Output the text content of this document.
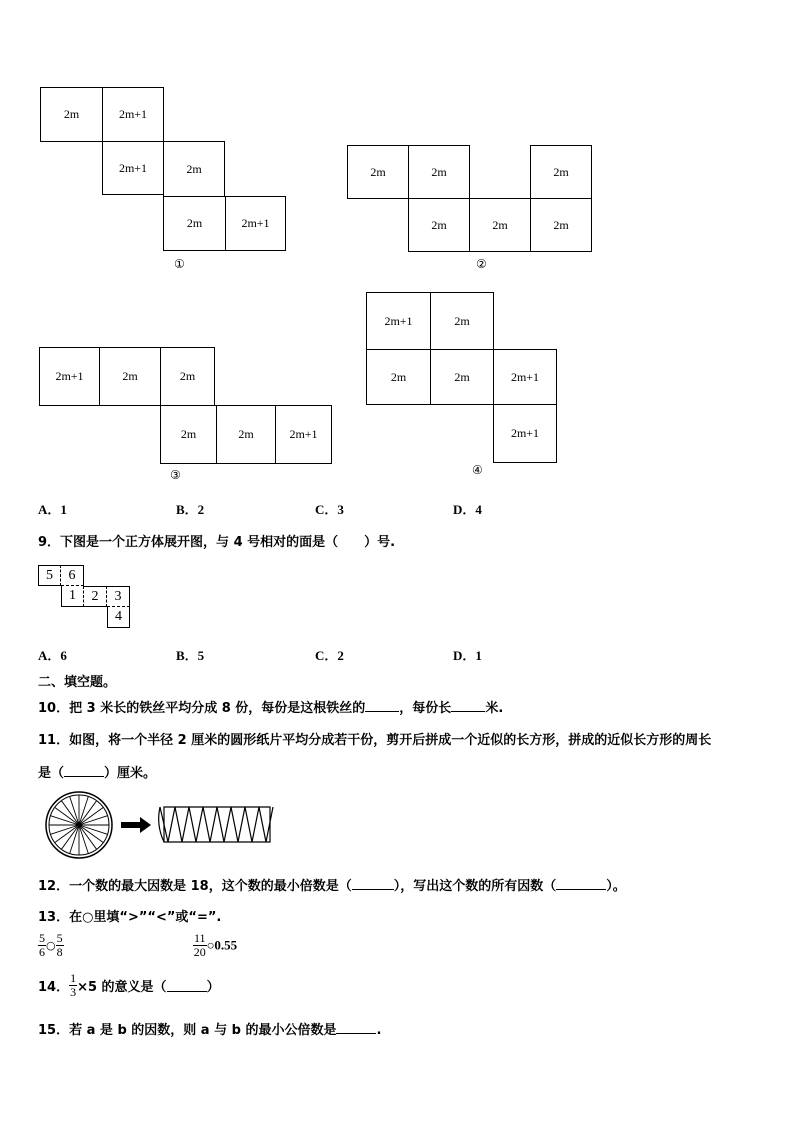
2m	2m+1
2m+1	2m
2m	2m+1
①
2m	2m	2m
2m	2m	2m
②
2m+1	2m	2m
2m	2m	2m+1
③
2m+1	2m
2m	2m	2m+1
2m+1
④
A．1	B．2	C．3	D．4
9．下图是一个正方体展开图，与 4 号相对的面是（　　）号.
5	6
1	2	3
4
A．6	B．5	C．2	D．1
二、填空题。
10．把 3 米长的铁丝平均分成 8 份，每份是这根铁丝的	，每份长	米.
11．如图，将一个半径 2 厘米的圆形纸片平均分成若干份，剪开后拼成一个近似的长方形，拼成的近似长方形的周长
是（	）厘米。
12．一个数的最大因数是 18，这个数的最小倍数是（	），写出这个数的所有因数（	）。
13．在○里填“>”“<”或“=”.
$\frac{5}{6}$ ○ $\frac{5}{8}$	$\frac{11}{20}$ ○0.55
14． $\frac{1}{3} \times 5$ 的意义是（	）
15．若 a 是 b 的因数，则 a 与 b 的最小公倍数是	.
